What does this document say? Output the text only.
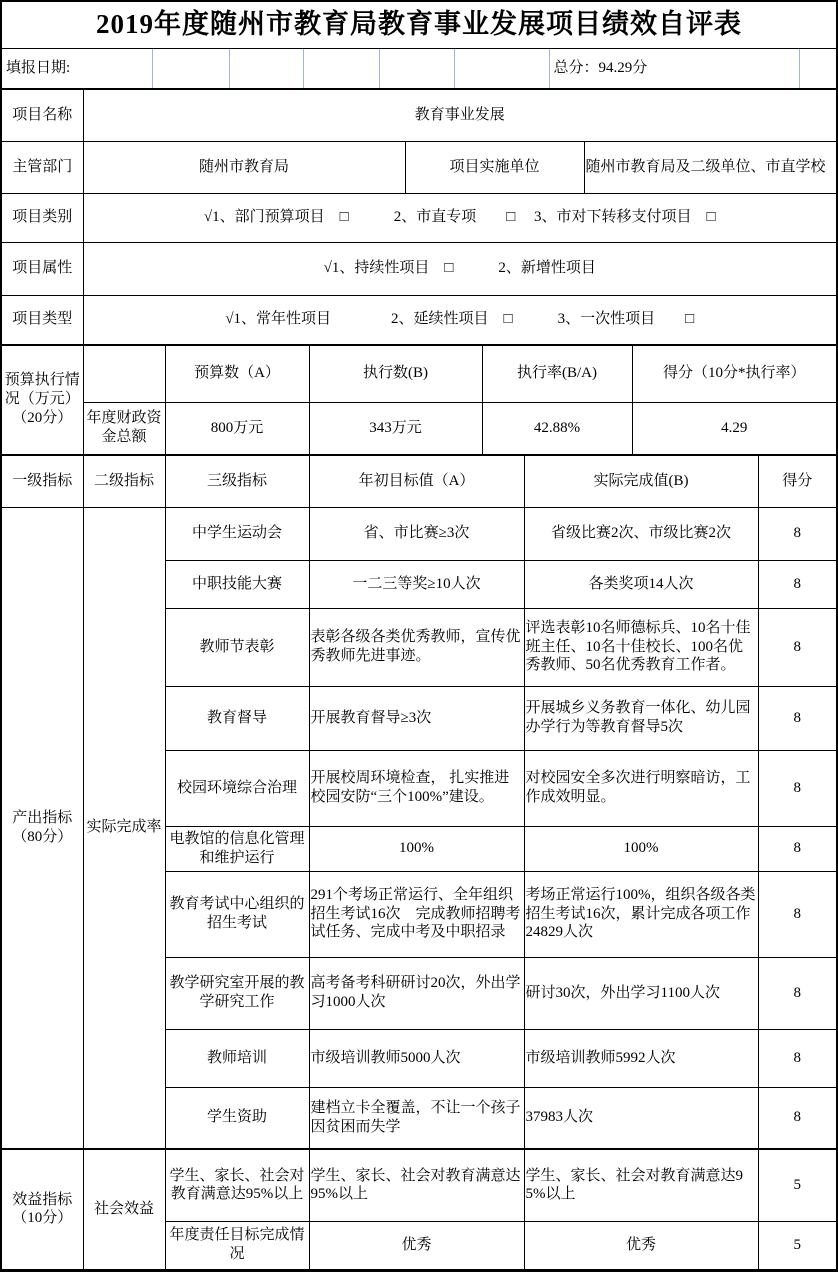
2019年度随州市教育局教育事业发展项目绩效自评表
填报日期:						总分：94.29分	
项目名称	教育事业发展		
主管部门	随州市教育局	项目实施单位	随州市教育局及二级单位、市直学校
项目类别	√1、部门预算项目　□　　　2、市直专项　　□　 3、市对下转移支付项目　□		
项目属性	√1、持续性项目　□　　　2、新增性项目		
项目类型	√1、常年性项目　　　　2、延续性项目　□　　　3、一次性项目　　□		
预算执行情况（万元）（20分）		预算数（A）	执行数(B)	执行率(B/A)	得分（10分*执行率）
	年度财政资金总额	800万元	343万元	42.88%	4.29
一级指标	二级指标	三级指标	年初目标值（A）	实际完成值(B)	得分
产出指标（80分）	实际完成率	中学生运动会	省、市比赛≥3次	省级比赛2次、市级比赛2次	8
		中职技能大赛	一二三等奖≥10人次	各类奖项14人次	8
		教师节表彰	表彰各级各类优秀教师，宣传优秀教师先进事迹。	评选表彰10名师德标兵、10名十佳班主任、10名十佳校长、100名优秀教师、50名优秀教育工作者。	8
		教育督导	开展教育督导≥3次	开展城乡义务教育一体化、幼儿园办学行为等教育督导5次	8
		校园环境综合治理	开展校周环境检查， 扎实推进校园安防“三个100%”建设。	对校园安全多次进行明察暗访，工作成效明显。	8
		电教馆的信息化管理和维护运行	100%	100%	8
		教育考试中心组织的招生考试	291个考场正常运行、全年组织招生考试16次　完成教师招聘考试任务、完成中考及中职招录	考场正常运行100%，组织各级各类招生考试16次，累计完成各项工作24829人次	8
		教学研究室开展的教学研究工作	高考备考科研研讨20次，外出学习1000人次	研讨30次，外出学习1100人次	8
		教师培训	市级培训教师5000人次	市级培训教师5992人次	8
		学生资助	建档立卡全覆盖，不让一个孩子因贫困而失学	37983人次	8
效益指标（10分）	社会效益	学生、家长、社会对教育满意达95%以上	学生、家长、社会对教育满意达95%以上	学生、家长、社会对教育满意达95%以上	5
		年度责任目标完成情况	优秀	优秀	5
